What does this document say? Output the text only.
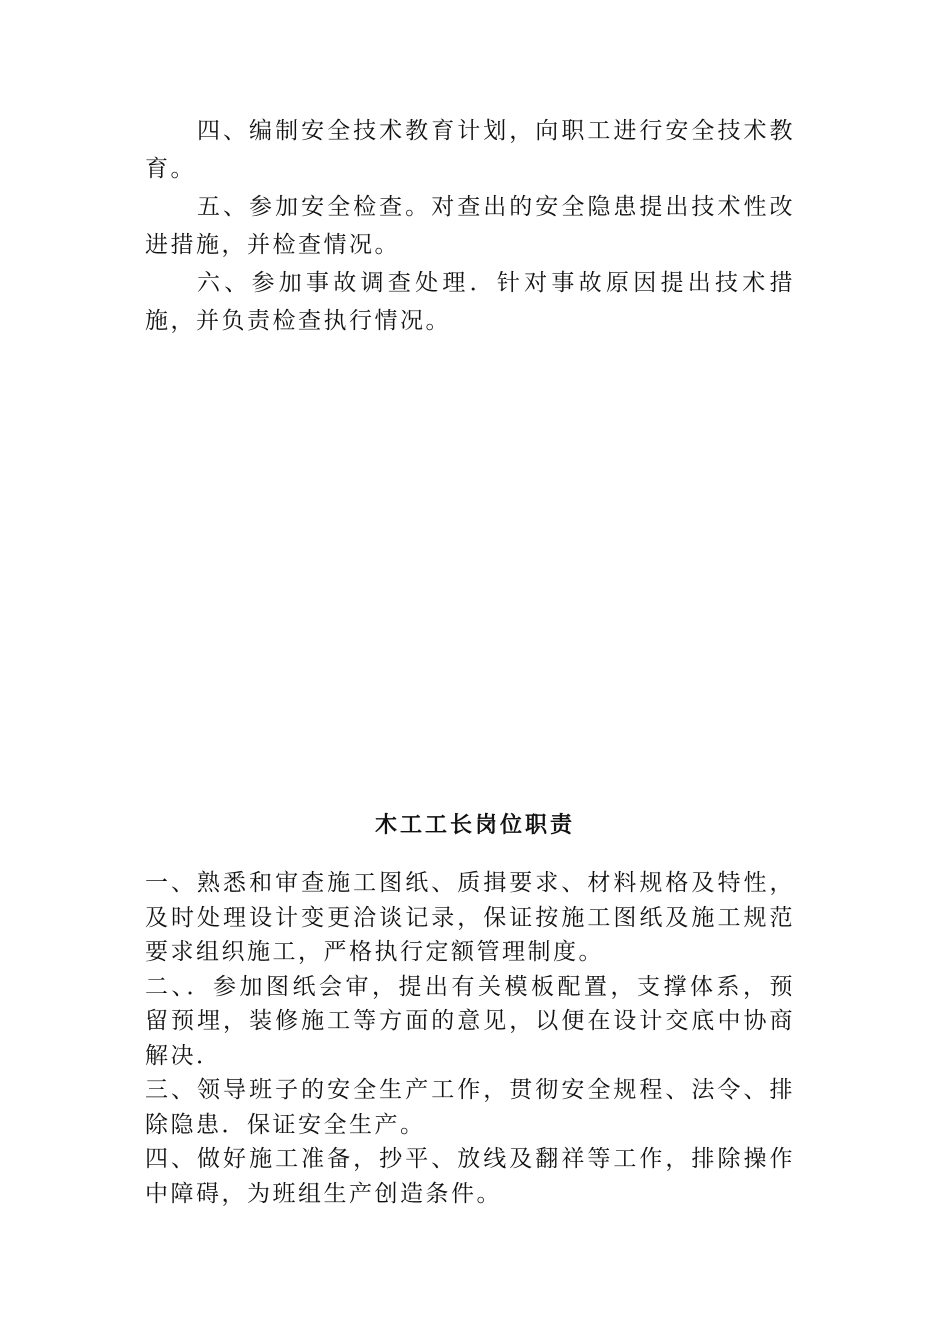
四、编制安全技术教育计划，向职工进行安全技术教育。

五、参加安全检查。对查出的安全隐患提出技术性改进措施，并检查情况。

六、参加事故调查处理．针对事故原因提出技术措施，并负责检查执行情况。

木工工长岗位职责

一、熟悉和审查施工图纸、质揖要求、材料规格及特性，及时处理设计变更洽谈记录，保证按施工图纸及施工规范要求组织施工，严格执行定额管理制度。

二、．参加图纸会审，提出有关模板配置，支撑体系，预留预埋，装修施工等方面的意见，以便在设计交底中协商解决．

三、领导班子的安全生产工作，贯彻安全规程、法令、排除隐患．保证安全生产。

四、做好施工准备，抄平、放线及翻祥等工作，排除操作中障碍，为班组生产创造条件。
